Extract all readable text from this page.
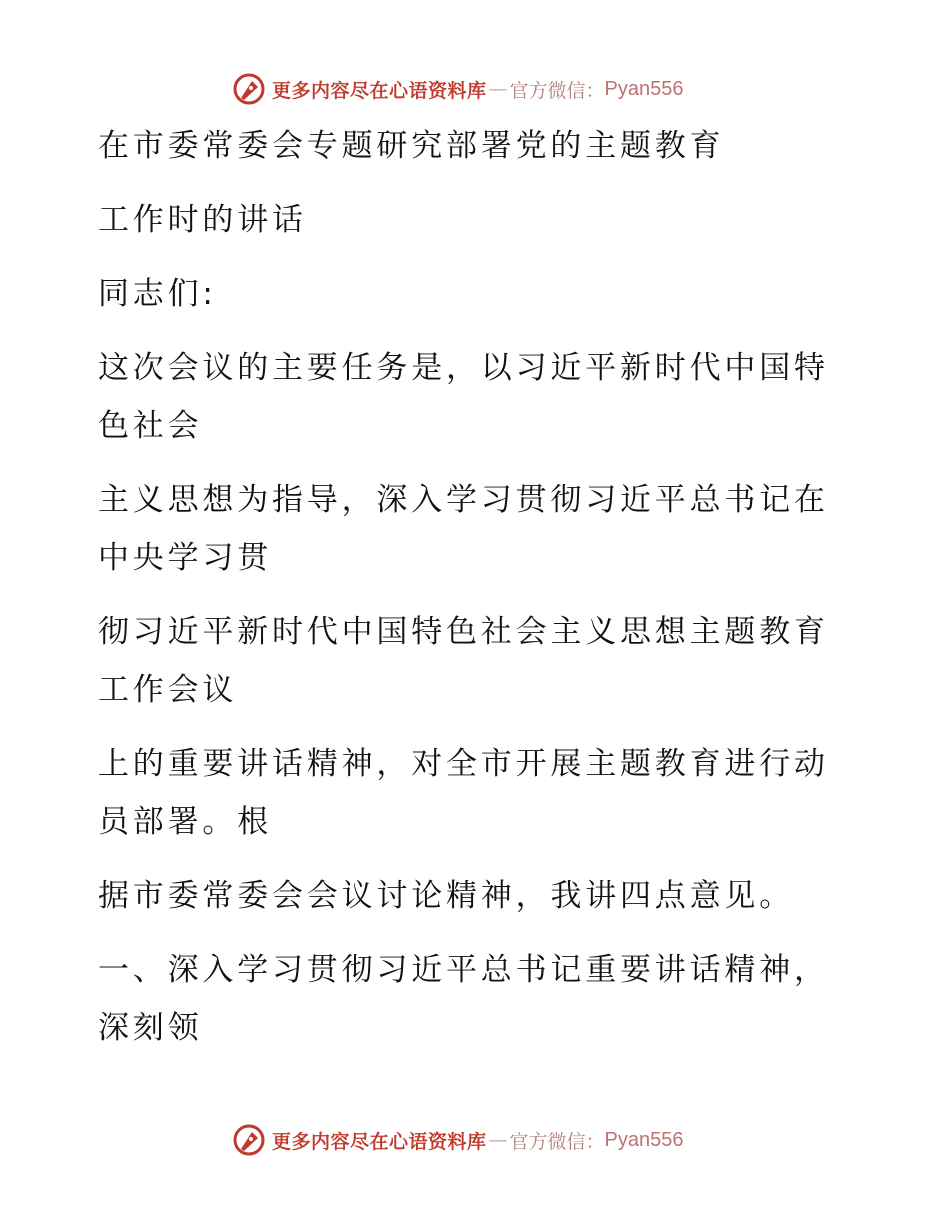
更多内容尽在心语资料库 — 官方微信： Pyan556

在市委常委会专题研究部署党的主题教育

工作时的讲话

同志们:

这次会议的主要任务是，以习近平新时代中国特

色社会

主义思想为指导，深入学习贯彻习近平总书记在

中央学习贯

彻习近平新时代中国特色社会主义思想主题教育

工作会议

上的重要讲话精神，对全市开展主题教育进行动

员部署。根

据市委常委会会议讨论精神，我讲四点意见。

一、深入学习贯彻习近平总书记重要讲话精神，

深刻领

更多内容尽在心语资料库 — 官方微信： Pyan556
